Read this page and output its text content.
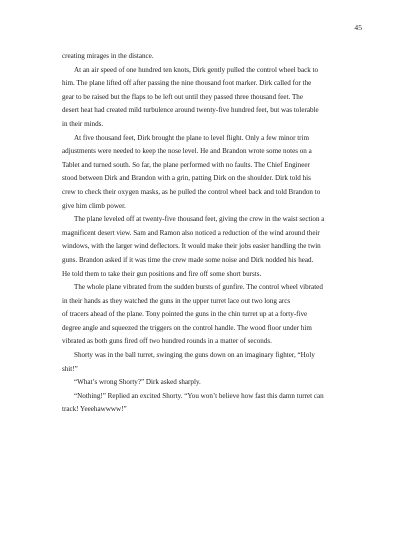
45
creating mirages in the distance.
At an air speed of one hundred ten knots, Dirk gently pulled the control wheel back to
him. The plane lifted off after passing the nine thousand foot marker. Dirk called for the
gear to be raised but the flaps to be left out until they passed three thousand feet. The
desert heat had created mild turbulence around twenty-five hundred feet, but was tolerable
in their minds.
At five thousand feet, Dirk brought the plane to level flight. Only a few minor trim
adjustments were needed to keep the nose level. He and Brandon wrote some notes on a
Tablet and turned south. So far, the plane performed with no faults. The Chief Engineer
stood between Dirk and Brandon with a grin, patting Dirk on the shoulder. Dirk told his
crew to check their oxygen masks, as he pulled the control wheel back and told Brandon to
give him climb power.
The plane leveled off at twenty-five thousand feet, giving the crew in the waist section a
magnificent desert view. Sam and Ramon also noticed a reduction of the wind around their
windows, with the larger wind deflectors. It would make their jobs easier handling the twin
guns. Brandon asked if it was time the crew made some noise and Dirk nodded his head.
He told them to take their gun positions and fire off some short bursts.
The whole plane vibrated from the sudden bursts of gunfire. The control wheel vibrated
in their hands as they watched the guns in the upper turret lace out two long arcs
of tracers ahead of the plane. Tony pointed the guns in the chin turret up at a forty-five
degree angle and squeezed the triggers on the control handle. The wood floor under him
vibrated as both guns fired off two hundred rounds in a matter of seconds.
Shorty was in the ball turret, swinging the guns down on an imaginary fighter, “Holy
shit!”
“What’s wrong Shorty?” Dirk asked sharply.
“Nothing!” Replied an excited Shorty. “You won’t believe how fast this damn turret can
track! Yeeehawwww!”
